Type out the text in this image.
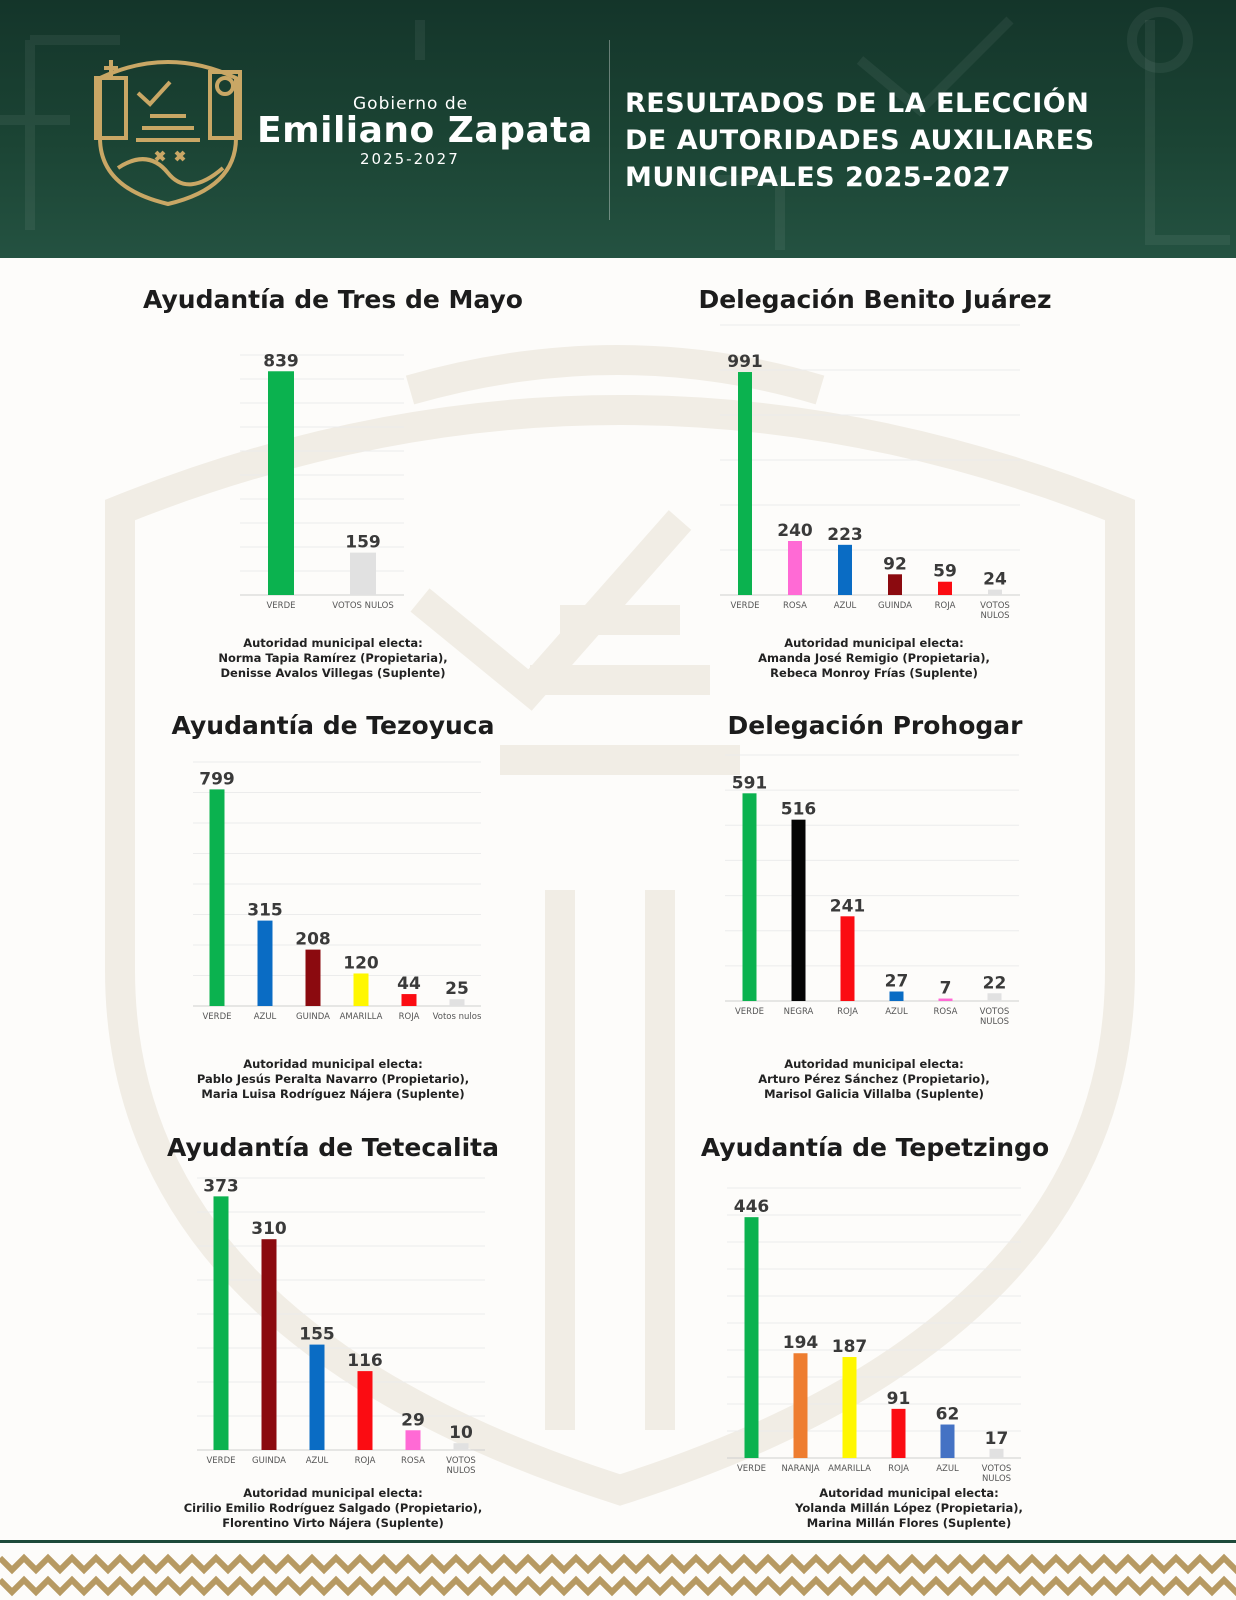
Gobierno de
Emiliano Zapata
2025-2027
RESULTADOS DE LA ELECCIÓN
DE AUTORIDADES AUXILIARES
MUNICIPALES 2025-2027
Ayudantía de Tres de Mayo
839
VERDE
159
VOTOS NULOS
Autoridad municipal electa:
Norma Tapia Ramírez (Propietaria),
Denisse Avalos Villegas (Suplente)
Delegación Benito Juárez
991
VERDE
240
ROSA
223
AZUL
92
GUINDA
59
ROJA
24
VOTOS
NULOS
Autoridad municipal electa:
Amanda José Remigio (Propietaria),
Rebeca Monroy Frías (Suplente)
Ayudantía de Tezoyuca
799
VERDE
315
AZUL
208
GUINDA
120
AMARILLA
44
ROJA
25
Votos nulos
Autoridad municipal electa:
Pablo Jesús Peralta Navarro (Propietario),
Maria Luisa Rodríguez Nájera (Suplente)
Delegación Prohogar
591
VERDE
516
NEGRA
241
ROJA
27
AZUL
7
ROSA
22
VOTOS
NULOS
Autoridad municipal electa:
Arturo Pérez Sánchez (Propietario),
Marisol Galicia Villalba (Suplente)
Ayudantía de Tetecalita
373
VERDE
310
GUINDA
155
AZUL
116
ROJA
29
ROSA
10
VOTOS
NULOS
Autoridad municipal electa:
Cirilio Emilio Rodríguez Salgado (Propietario),
Florentino Virto Nájera (Suplente)
Ayudantía de Tepetzingo
446
VERDE
194
NARANJA
187
AMARILLA
91
ROJA
62
AZUL
17
VOTOS
NULOS
Autoridad municipal electa:
Yolanda Millán López (Propietaria),
Marina Millán Flores (Suplente)
